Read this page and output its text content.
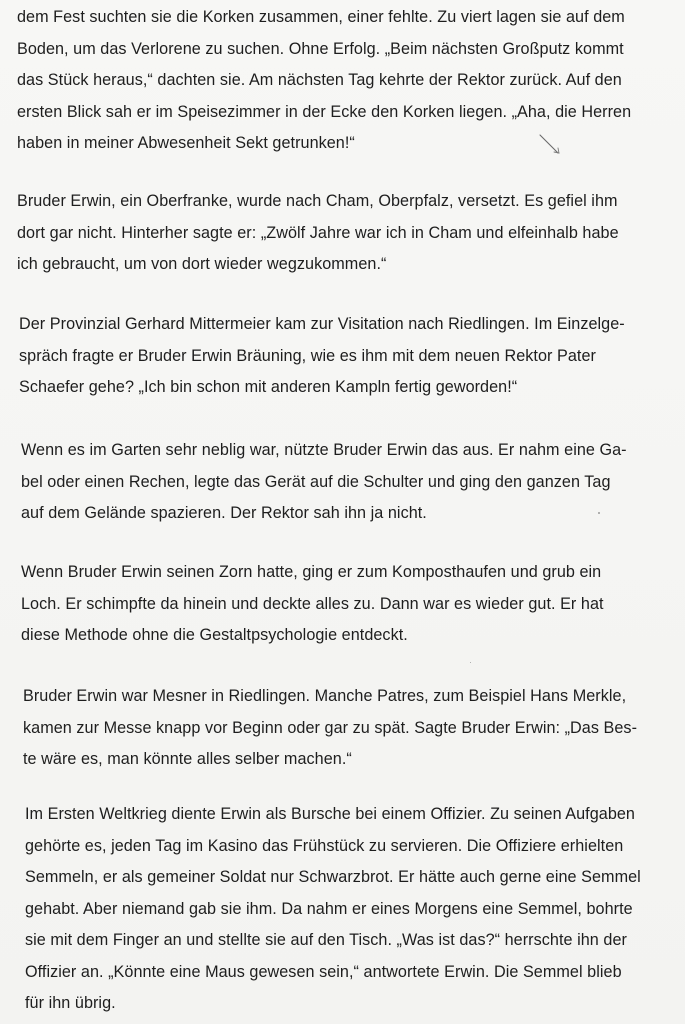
dem Fest suchten sie die Korken zusammen, einer fehlte. Zu viert lagen sie auf dem
Boden, um das Verlorene zu suchen. Ohne Erfolg. „Beim nächsten Großputz kommt
das Stück heraus,“ dachten sie. Am nächsten Tag kehrte der Rektor zurück. Auf den
ersten Blick sah er im Speisezimmer in der Ecke den Korken liegen. „Aha, die Herren
haben in meiner Abwesenheit Sekt getrunken!“
Bruder Erwin, ein Oberfranke, wurde nach Cham, Oberpfalz, versetzt. Es gefiel ihm
dort gar nicht. Hinterher sagte er: „Zwölf Jahre war ich in Cham und elfeinhalb habe
ich gebraucht, um von dort wieder wegzukommen.“
Der Provinzial Gerhard Mittermeier kam zur Visitation nach Riedlingen. Im Einzelge-
spräch fragte er Bruder Erwin Bräuning, wie es ihm mit dem neuen Rektor Pater
Schaefer gehe? „Ich bin schon mit anderen Kampln fertig geworden!“
Wenn es im Garten sehr neblig war, nützte Bruder Erwin das aus. Er nahm eine Ga-
bel oder einen Rechen, legte das Gerät auf die Schulter und ging den ganzen Tag
auf dem Gelände spazieren. Der Rektor sah ihn ja nicht.
Wenn Bruder Erwin seinen Zorn hatte, ging er zum Komposthaufen und grub ein
Loch. Er schimpfte da hinein und deckte alles zu. Dann war es wieder gut. Er hat
diese Methode ohne die Gestaltpsychologie entdeckt.
Bruder Erwin war Mesner in Riedlingen. Manche Patres, zum Beispiel Hans Merkle,
kamen zur Messe knapp vor Beginn oder gar zu spät. Sagte Bruder Erwin: „Das Bes-
te wäre es, man könnte alles selber machen.“
Im Ersten Weltkrieg diente Erwin als Bursche bei einem Offizier. Zu seinen Aufgaben
gehörte es, jeden Tag im Kasino das Frühstück zu servieren. Die Offiziere erhielten
Semmeln, er als gemeiner Soldat nur Schwarzbrot. Er hätte auch gerne eine Semmel
gehabt. Aber niemand gab sie ihm. Da nahm er eines Morgens eine Semmel, bohrte
sie mit dem Finger an und stellte sie auf den Tisch. „Was ist das?“ herrschte ihn der
Offizier an. „Könnte eine Maus gewesen sein,“ antwortete Erwin. Die Semmel blieb
für ihn übrig.
